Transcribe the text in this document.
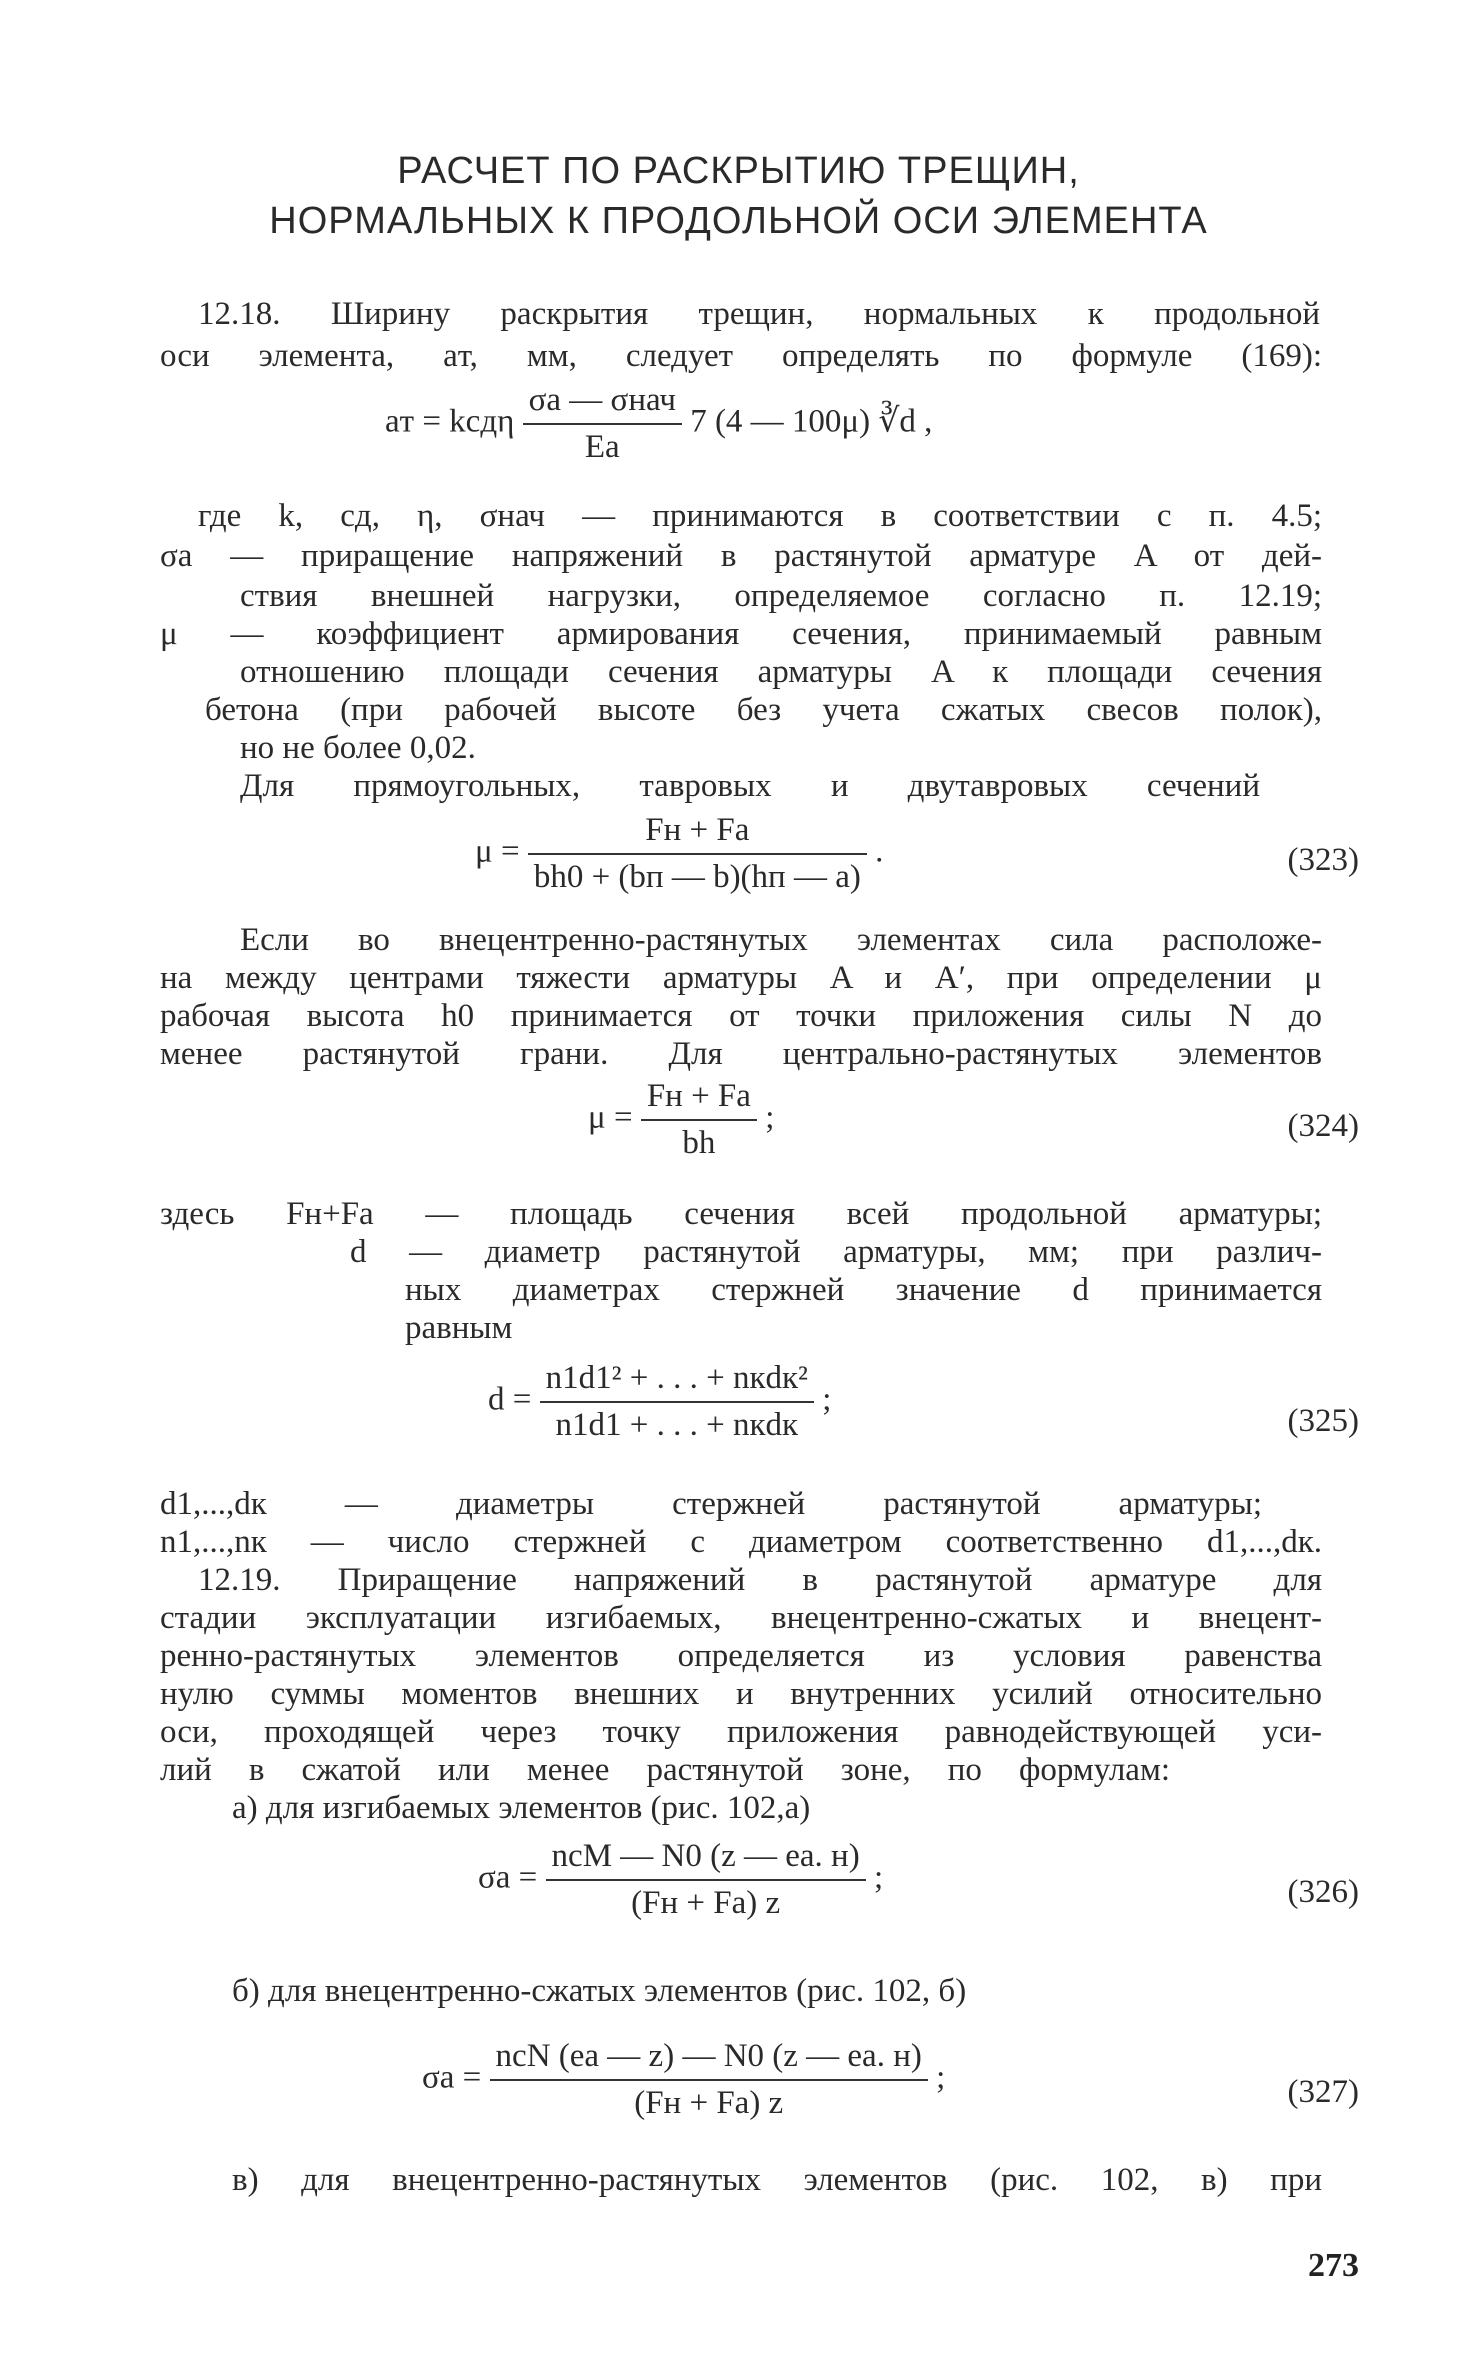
РАСЧЕТ ПО РАСКРЫТИЮ ТРЕЩИН,
НОРМАЛЬНЫХ К ПРОДОЛЬНОЙ ОСИ ЭЛЕМЕНТА
12.18. Ширину раскрытия трещин, нормальных к продольной
оси элемента, aт, мм, следует определять по формуле (169):
aт = kcдη $\frac{\text{σа — σнач}}{Eа} 7$ (4 — 100μ) ∛d ,
где k, cд, η, σнач — принимаются в соответствии с п. 4.5;
σа — приращение напряжений в растянутой арматуре A от дей-
ствия внешней нагрузки, определяемое согласно п. 12.19;
μ — коэффициент армирования сечения, принимаемый равным
отношению площади сечения арматуры A к площади сечения
бетона (при рабочей высоте без учета сжатых свесов полок),
но не более 0,02.
Для прямоугольных, тавровых и двутавровых сечений
$\mu = \frac{Fн + Fа}{bh0 + (bп — b)(hп — a)}$ .	(323)
Если во внецентренно-растянутых элементах сила расположе-
на между центрами тяжести арматуры A и A′, при определении μ
рабочая высота h0 принимается от точки приложения силы N до
менее растянутой грани. Для центрально-растянутых элементов
$\mu = \frac{Fн + Fа}{bh}$ ;	(324)
здесь Fн+Fа — площадь сечения всей продольной арматуры;
d — диаметр растянутой арматуры, мм; при различ-
ных диаметрах стержней значение d принимается
равным
$d = \frac{\text{n1d1² + . . . + nкdк²}}{\text{n1d1 + . . . + nкdк}}$ ;
(325)
d1,...,dк — диаметры стержней растянутой арматуры;
n1,...,nк — число стержней с диаметром соответственно d1,...,dк.
12.19. Приращение напряжений в растянутой арматуре для
стадии эксплуатации изгибаемых, внецентренно-сжатых и внецент-
ренно-растянутых элементов определяется из условия равенства
нулю суммы моментов внешних и внутренних усилий относительно
оси, проходящей через точку приложения равнодействующей уси-
лий в сжатой или менее растянутой зоне, по формулам:
а) для изгибаемых элементов (рис. 102,а)
$\sigma а = \frac{\text{ncM — N0 (z — eа. н)}}{(Fн + Fа) z}$ ;	(326)
б) для внецентренно-сжатых элементов (рис. 102, б)
$\sigma а = \frac{\text{ncN (eа — z) — N0 (z — eа. н)}}{(Fн + Fа) z}$ ;	(327)
в) для внецентренно-растянутых элементов (рис. 102, в) при
273
